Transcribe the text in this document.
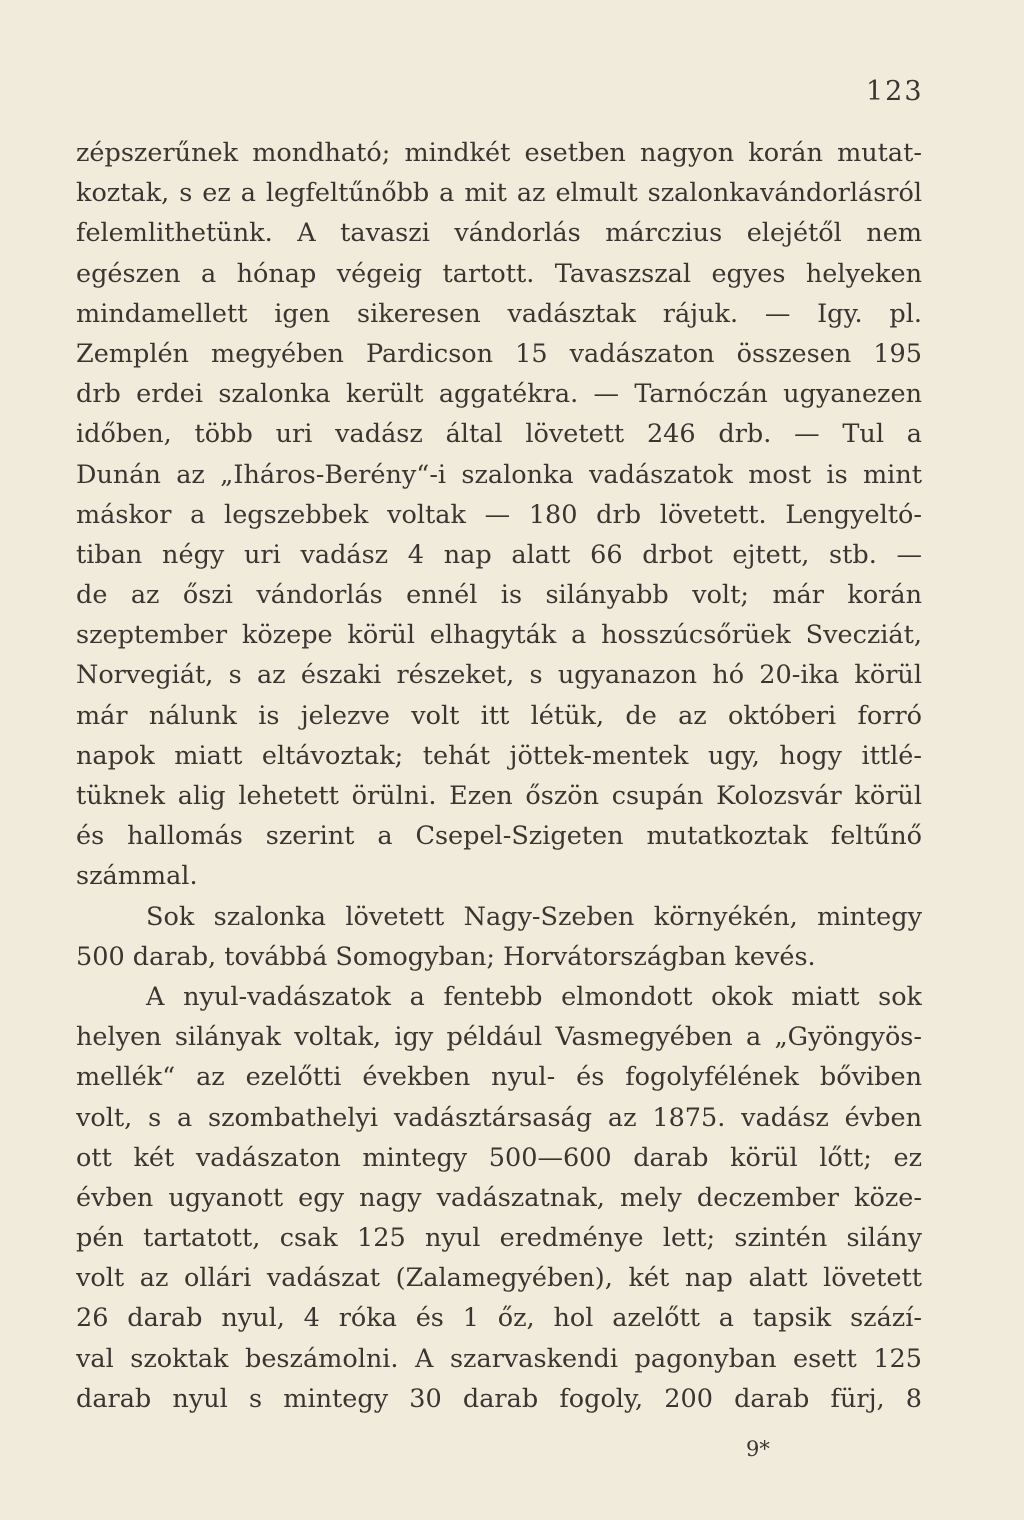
123
zépszerűnek mondható; mindkét esetben nagyon korán mutat-
koztak, s ez a legfeltűnőbb a mit az elmult szalonkavándorlásról
felemlithetünk. A tavaszi vándorlás márczius elejétől nem
egészen a hónap végeig tartott. Tavaszszal egyes helyeken
mindamellett igen sikeresen vadásztak rájuk. — Igy. pl.
Zemplén megyében Pardicson 15 vadászaton összesen 195
drb erdei szalonka került aggatékra. — Tarnóczán ugyanezen
időben, több uri vadász által lövetett 246 drb. — Tul a
Dunán az „Iháros-Berény“-i szalonka vadászatok most is mint
máskor a legszebbek voltak — 180 drb lövetett. Lengyeltó-
tiban négy uri vadász 4 nap alatt 66 drbot ejtett, stb. —
de az őszi vándorlás ennél is silányabb volt; már korán
szeptember közepe körül elhagyták a hosszúcsőrüek Svecziát,
Norvegiát, s az északi részeket, s ugyanazon hó 20-ika körül
már nálunk is jelezve volt itt létük, de az októberi forró
napok miatt eltávoztak; tehát jöttek-mentek ugy, hogy ittlé-
tüknek alig lehetett örülni. Ezen őszön csupán Kolozsvár körül
és hallomás szerint a Csepel-Szigeten mutatkoztak feltűnő
számmal.
Sok szalonka lövetett Nagy-Szeben környékén, mintegy
500 darab, továbbá Somogyban; Horvátországban kevés.
A nyul-vadászatok a fentebb elmondott okok miatt sok
helyen silányak voltak, igy például Vasmegyében a „Gyöngyös-
mellék“ az ezelőtti években nyul- és fogolyfélének bőviben
volt, s a szombathelyi vadásztársaság az 1875. vadász évben
ott két vadászaton mintegy 500—600 darab körül lőtt; ez
évben ugyanott egy nagy vadászatnak, mely deczember köze-
pén tartatott, csak 125 nyul eredménye lett; szintén silány
volt az ollári vadászat (Zalamegyében), két nap alatt lövetett
26 darab nyul, 4 róka és 1 őz, hol azelőtt a tapsik szází-
val szoktak beszámolni. A szarvaskendi pagonyban esett 125
darab nyul s mintegy 30 darab fogoly, 200 darab fürj, 8
9*
